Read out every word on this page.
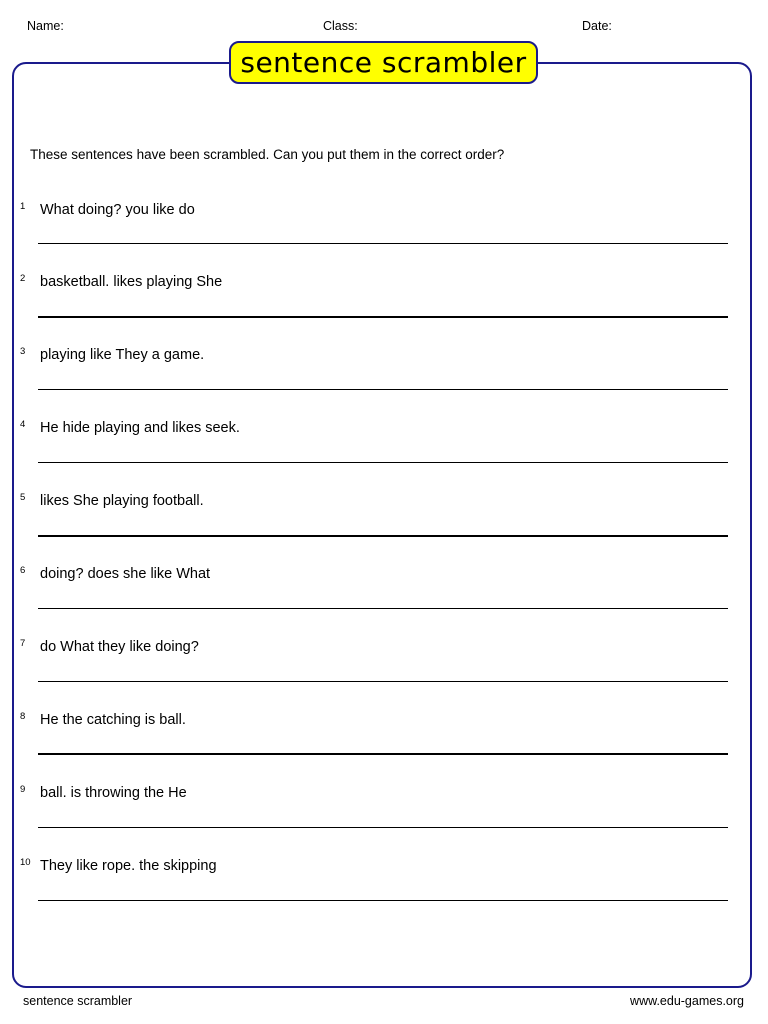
Name:	Class:	Date:
sentence scrambler
These sentences have been scrambled. Can you put them in the correct order?
1 What doing? you like do
2 basketball. likes playing She
3 playing like They a game.
4 He hide playing and likes seek.
5 likes She playing football.
6 doing? does she like What
7 do What they like doing?
8 He the catching is ball.
9 ball. is throwing the He
10 They like rope. the skipping
sentence scrambler	www.edu-games.org
